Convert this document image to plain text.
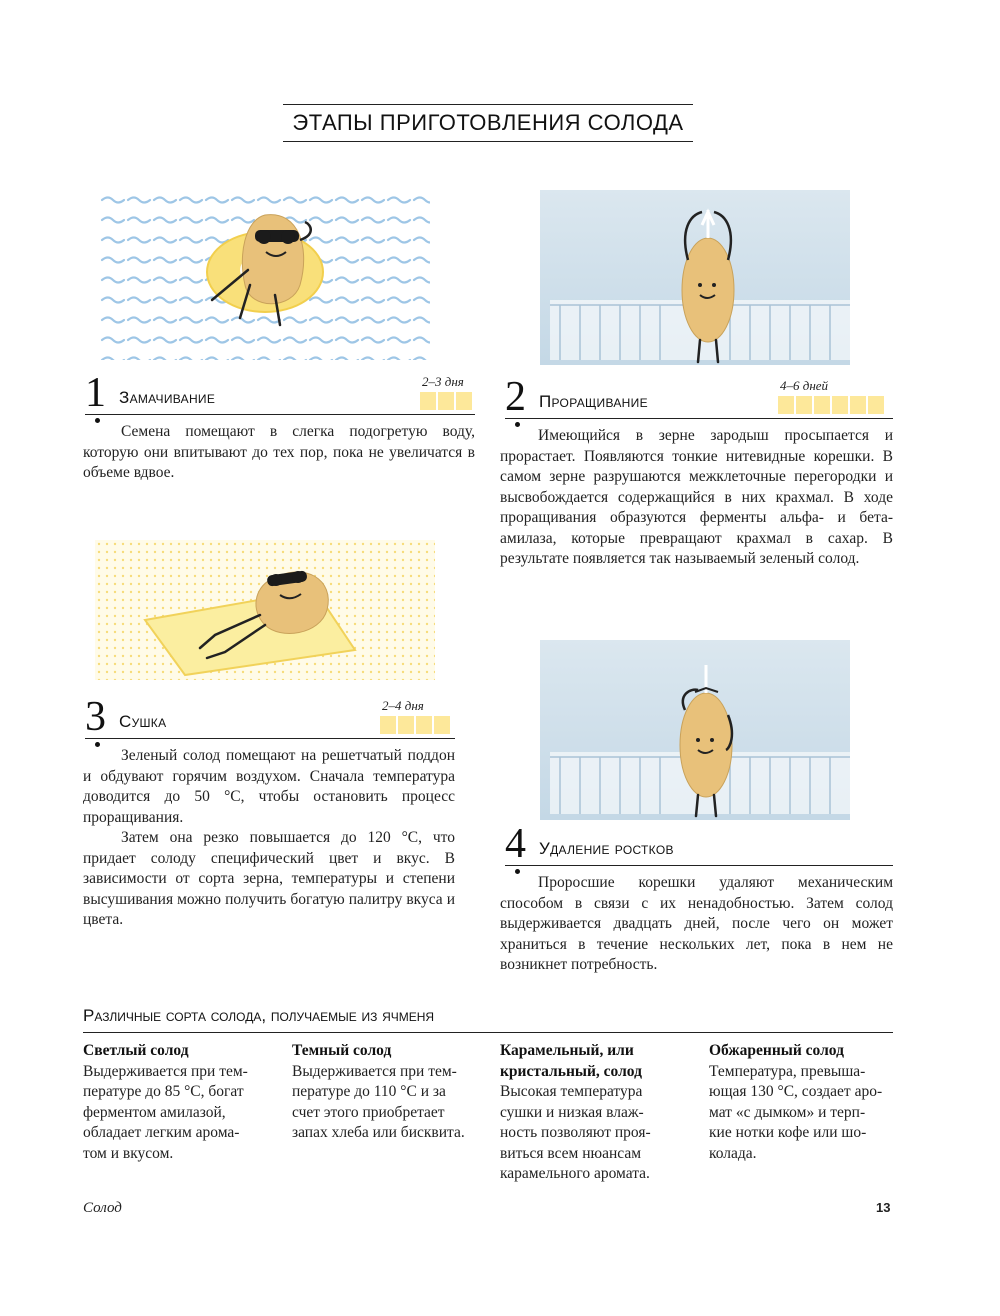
ЭТАПЫ ПРИГОТОВЛЕНИЯ СОЛОДА
1 Замачивание
2–3 дня

Семена помещают в слегка подогретую воду, которую они впитывают до тех пор, пока не увеличатся в объеме вдвое.

2 Проращивание
4–6 дней

Имеющийся в зерне зародыш просыпается и прорастает. Появляются тонкие нитевидные корешки. В самом зерне разрушаются межклеточные перегородки и высвобождается содержащийся в них крахмал. В ходе проращивания образуются ферменты альфа- и бета-амилаза, которые превращают крахмал в сахар. В результате появляется так называемый зеленый солод.

3 Сушка
2–4 дня

Зеленый солод помещают на решетчатый поддон и обдувают горячим воздухом. Сначала температура доводится до 50 °C, чтобы остановить процесс проращивания.

Затем она резко повышается до 120 °C, что придает солоду специфический цвет и вкус. В зависимости от сорта зерна, температуры и степени высушивания можно получить богатую палитру вкуса и цвета.

4 Удаление ростков

Проросшие корешки удаляют механическим способом в связи с их ненадобностью. Затем солод выдерживается двадцать дней, после чего он может храниться в течение нескольких лет, пока в нем не возникнет потребность.

Различные сорта солода, получаемые из ячменя
Светлый солод
Выдерживается при тем-
пературе до 85 °C, богат
ферментом амилазой,
обладает легким арома-
том и вкусом.
Темный солод
Выдерживается при тем-
пературе до 110 °C и за
счет этого приобретает
запах хлеба или бисквита.
Карамельный, или
кристальный, солод
Высокая температура
сушки и низкая влаж-
ность позволяют проя-
виться всем нюансам
карамельного аромата.
Обжаренный солод
Температура, превыша-
ющая 130 °C, создает аро-
мат «с дымком» и терп-
кие нотки кофе или шо-
колада.
Солод	13
